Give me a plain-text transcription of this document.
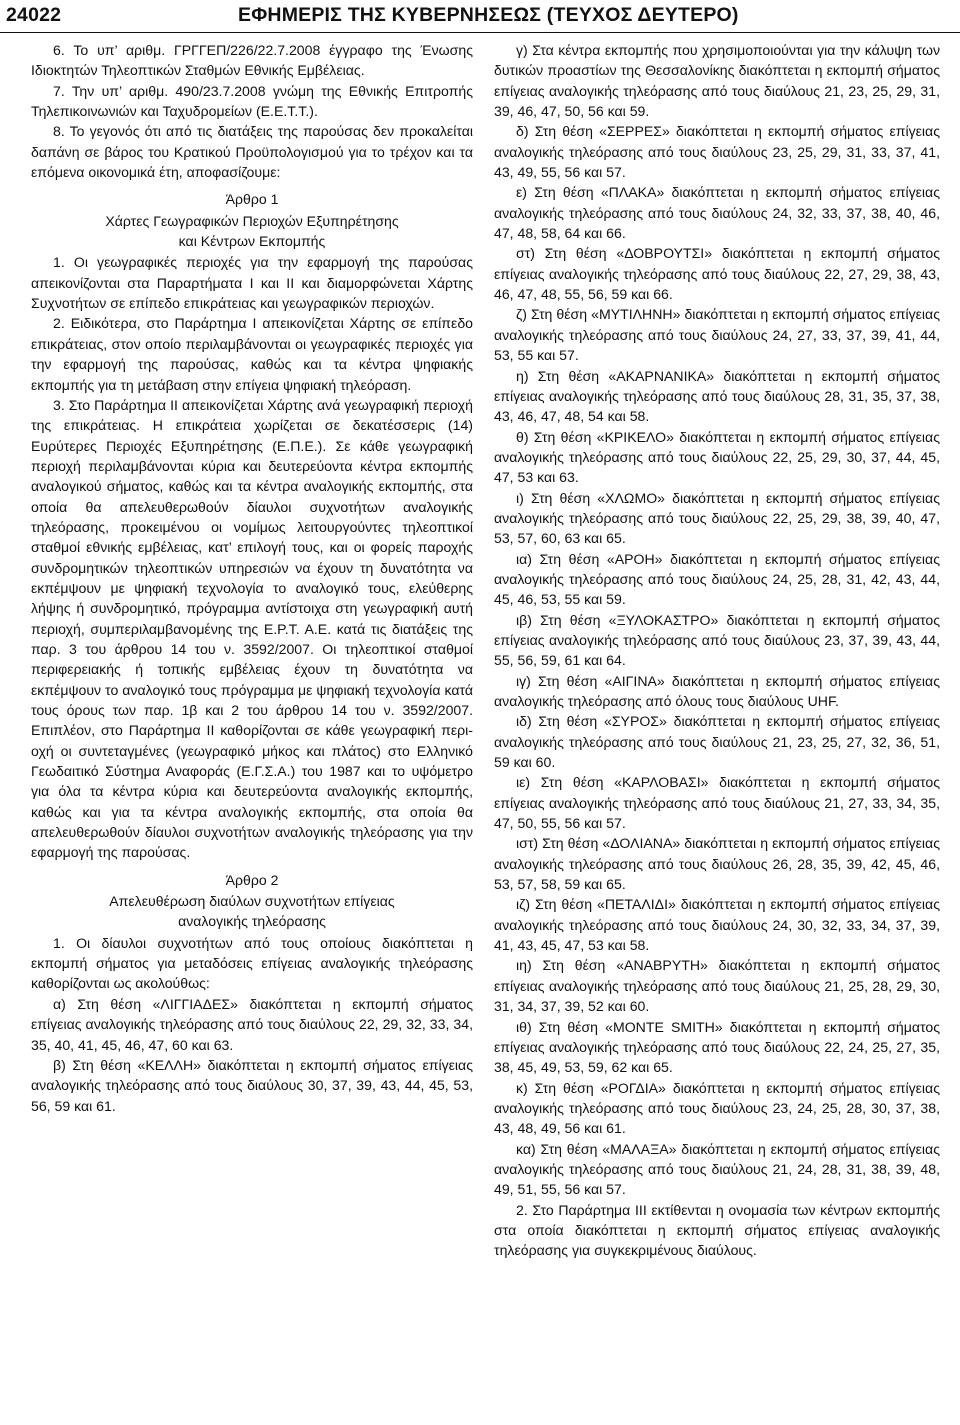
24022	ΕΦΗΜΕΡΙΣ ΤΗΣ ΚΥΒΕΡΝΗΣΕΩΣ (ΤΕΥΧΟΣ ΔΕΥΤΕΡΟ)

6. Το υπ’ αριθμ. ΓΡΓΓΕΠ/226/22.7.2008 έγγραφο της Ένωσης Ιδιοκτητών Τηλεοπτικών Σταθμών Εθνικής Εμβέλειας.

7. Την υπ’ αριθμ. 490/23.7.2008 γνώμη της Εθνικής Επιτροπής Τηλεπικοινωνιών και Ταχυδρομείων (Ε.Ε.Τ.Τ.).

8. Το γεγονός ότι από τις διατάξεις της παρούσας δεν προκαλείται δαπάνη σε βάρος του Κρατικού Προϋπολογισμού για το τρέχον και τα επόμενα οικονομικά έτη, αποφασίζουμε:

Άρθρο 1
Χάρτες Γεωγραφικών Περιοχών Εξυπηρέτησης
και Κέντρων Εκπομπής

1. Οι γεωγραφικές περιοχές για την εφαρμογή της παρούσας απεικονίζονται στα Παραρτήματα Ι και ΙΙ και διαμορφώνεται Χάρτης Συχνοτήτων σε επίπεδο επικράτειας και γεωγραφικών περιοχών.

2. Ειδικότερα, στο Παράρτημα Ι απεικονίζεται Χάρτης σε επίπεδο επικράτειας, στον οποίο περιλαμβάνονται οι γεωγραφικές περιοχές για την εφαρμογή της παρούσας, καθώς και τα κέντρα ψηφιακής εκπομπής για τη μετάβαση στην επίγεια ψηφιακή τηλεόραση.

3. Στο Παράρτημα ΙΙ απεικονίζεται Χάρτης ανά γεωγραφική περιοχή της επικράτειας. Η επικράτεια χωρίζεται σε δεκατέσσερις (14) Ευρύτερες Περιοχές Εξυπηρέτησης (Ε.Π.Ε.). Σε κάθε γεωγραφική περιοχή περιλαμβάνονται κύρια και δευτερεύοντα κέντρα εκπομπής αναλογικού σήματος, καθώς και τα κέντρα αναλογικής εκπομπής, στα οποία θα απελευθερωθούν δίαυλοι συχνοτήτων αναλογικής τηλεόρασης, προκειμένου οι νομίμως λειτουργούντες τηλεοπτικοί σταθμοί εθνικής εμβέλειας, κατ’ επιλογή τους, και οι φορείς παροχής συνδρομητικών τηλεοπτικών υπηρεσιών να έχουν τη δυνατότητα να εκπέμψουν με ψηφιακή τεχνολογία το αναλογικό τους, ελεύθερης λήψης ή συνδρομητικό, πρόγραμμα αντίστοιχα στη γεωγραφική αυτή περιοχή, συμπεριλαμβανομένης της Ε.Ρ.Τ. Α.Ε. κατά τις διατάξεις της παρ. 3 του άρθρου 14 του ν. 3592/2007. Οι τηλεοπτικοί σταθμοί περιφερειακής ή τοπικής εμβέλειας έχουν τη δυνατότητα να εκπέμψουν το αναλογικό τους πρόγραμμα με ψηφιακή τεχνολογία κατά τους όρους των παρ. 1β και 2 του άρθρου 14 του ν. 3592/2007. Επιπλέον, στο Παράρτημα ΙΙ καθορίζονται σε κάθε γεωγραφική περιοχή οι συντεταγμένες (γεωγραφικό μήκος και πλάτος) στο Ελληνικό Γεωδαιτικό Σύστημα Αναφοράς (Ε.Γ.Σ.Α.) του 1987 και το υψόμετρο για όλα τα κέντρα κύρια και δευτερεύοντα αναλογικής εκπομπής, καθώς και για τα κέντρα αναλογικής εκπομπής, στα οποία θα απελευθερωθούν δίαυλοι συχνοτήτων αναλογικής τηλεόρασης για την εφαρμογή της παρούσας.

Άρθρο 2
Απελευθέρωση διαύλων συχνοτήτων επίγειας
αναλογικής τηλεόρασης

1. Οι δίαυλοι συχνοτήτων από τους οποίους διακόπτεται η εκπομπή σήματος για μεταδόσεις επίγειας αναλογικής τηλεόρασης καθορίζονται ως ακολούθως:

α) Στη θέση «ΛΙΓΓΙΑΔΕΣ» διακόπτεται η εκπομπή σήματος επίγειας αναλογικής τηλεόρασης από τους διαύλους 22, 29, 32, 33, 34, 35, 40, 41, 45, 46, 47, 60 και 63.

β) Στη θέση «ΚΕΛΛΗ» διακόπτεται η εκπομπή σήματος επίγειας αναλογικής τηλεόρασης από τους διαύλους 30, 37, 39, 43, 44, 45, 53, 56, 59 και 61.

γ) Στα κέντρα εκπομπής που χρησιμοποιούνται για την κάλυψη των δυτικών προαστίων της Θεσσαλονίκης διακόπτεται η εκπομπή σήματος επίγειας αναλογικής τηλεόρασης από τους διαύλους 21, 23, 25, 29, 31, 39, 46, 47, 50, 56 και 59.

δ) Στη θέση «ΣΕΡΡΕΣ» διακόπτεται η εκπομπή σήματος επίγειας αναλογικής τηλεόρασης από τους διαύλους 23, 25, 29, 31, 33, 37, 41, 43, 49, 55, 56 και 57.

ε) Στη θέση «ΠΛΑΚΑ» διακόπτεται η εκπομπή σήματος επίγειας αναλογικής τηλεόρασης από τους διαύλους 24, 32, 33, 37, 38, 40, 46, 47, 48, 58, 64 και 66.

στ) Στη θέση «ΔΟΒΡΟΥΤΣΙ» διακόπτεται η εκπομπή σήματος επίγειας αναλογικής τηλεόρασης από τους διαύλους 22, 27, 29, 38, 43, 46, 47, 48, 55, 56, 59 και 66.

ζ) Στη θέση «ΜΥΤΙΛΗΝΗ» διακόπτεται η εκπομπή σήματος επίγειας αναλογικής τηλεόρασης από τους διαύλους 24, 27, 33, 37, 39, 41, 44, 53, 55 και 57.

η) Στη θέση «ΑΚΑΡΝΑΝΙΚΑ» διακόπτεται η εκπομπή σήματος επίγειας αναλογικής τηλεόρασης από τους διαύλους 28, 31, 35, 37, 38, 43, 46, 47, 48, 54 και 58.

θ) Στη θέση «ΚΡΙΚΕΛΟ» διακόπτεται η εκπομπή σήματος επίγειας αναλογικής τηλεόρασης από τους διαύλους 22, 25, 29, 30, 37, 44, 45, 47, 53 και 63.

ι) Στη θέση «ΧΛΩΜΟ» διακόπτεται η εκπομπή σήματος επίγειας αναλογικής τηλεόρασης από τους διαύλους 22, 25, 29, 38, 39, 40, 47, 53, 57, 60, 63 και 65.

ια) Στη θέση «ΑΡΟΗ» διακόπτεται η εκπομπή σήματος επίγειας αναλογικής τηλεόρασης από τους διαύλους 24, 25, 28, 31, 42, 43, 44, 45, 46, 53, 55 και 59.

ιβ) Στη θέση «ΞΥΛΟΚΑΣΤΡΟ» διακόπτεται η εκπομπή σήματος επίγειας αναλογικής τηλεόρασης από τους διαύλους 23, 37, 39, 43, 44, 55, 56, 59, 61 και 64.

ιγ) Στη θέση «ΑΙΓΙΝΑ» διακόπτεται η εκπομπή σήματος επίγειας αναλογικής τηλεόρασης από όλους τους διαύλους UHF.

ιδ) Στη θέση «ΣΥΡΟΣ» διακόπτεται η εκπομπή σήματος επίγειας αναλογικής τηλεόρασης από τους διαύλους 21, 23, 25, 27, 32, 36, 51, 59 και 60.

ιε) Στη θέση «ΚΑΡΛΟΒΑΣΙ» διακόπτεται η εκπομπή σήματος επίγειας αναλογικής τηλεόρασης από τους διαύλους 21, 27, 33, 34, 35, 47, 50, 55, 56 και 57.

ιστ) Στη θέση «ΔΟΛΙΑΝΑ» διακόπτεται η εκπομπή σήματος επίγειας αναλογικής τηλεόρασης από τους διαύλους 26, 28, 35, 39, 42, 45, 46, 53, 57, 58, 59 και 65.

ιζ) Στη θέση «ΠΕΤΑΛΙΔΙ» διακόπτεται η εκπομπή σήματος επίγειας αναλογικής τηλεόρασης από τους διαύλους 24, 30, 32, 33, 34, 37, 39, 41, 43, 45, 47, 53 και 58.

ιη) Στη θέση «ΑΝΑΒΡΥΤΗ» διακόπτεται η εκπομπή σήματος επίγειας αναλογικής τηλεόρασης από τους διαύλους 21, 25, 28, 29, 30, 31, 34, 37, 39, 52 και 60.

ιθ) Στη θέση «ΜΟΝΤΕ SMITH» διακόπτεται η εκπομπή σήματος επίγειας αναλογικής τηλεόρασης από τους διαύλους 22, 24, 25, 27, 35, 38, 45, 49, 53, 59, 62 και 65.

κ) Στη θέση «ΡΟΓΔΙΑ» διακόπτεται η εκπομπή σήματος επίγειας αναλογικής τηλεόρασης από τους διαύλους 23, 24, 25, 28, 30, 37, 38, 43, 48, 49, 56 και 61.

κα) Στη θέση «ΜΑΛΑΞΑ» διακόπτεται η εκπομπή σήματος επίγειας αναλογικής τηλεόρασης από τους διαύλους 21, 24, 28, 31, 38, 39, 48, 49, 51, 55, 56 και 57.

2. Στο Παράρτημα ΙΙΙ εκτίθενται η ονομασία των κέντρων εκπομπής στα οποία διακόπτεται η εκπομπή σήματος επίγειας αναλογικής τηλεόρασης για συγκεκριμένους διαύλους.
